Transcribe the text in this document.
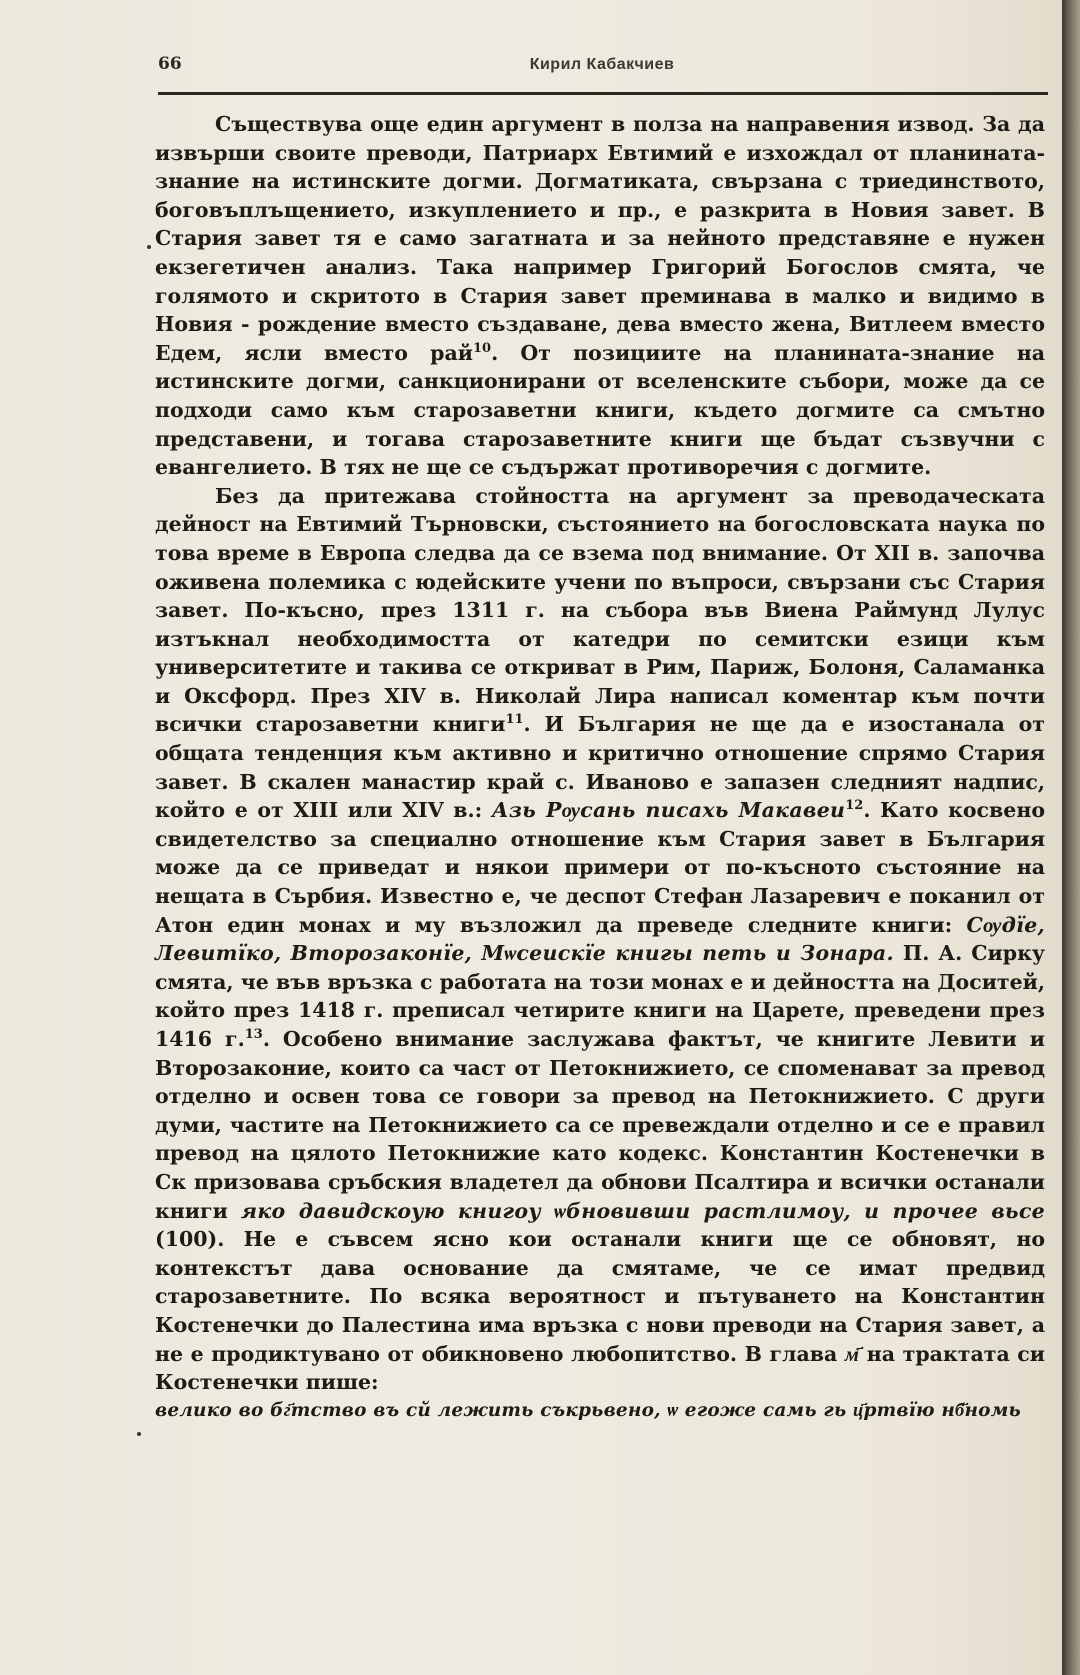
66	Кирил Кабакчиев

Съществува още един аргумент в полза на направения извод. За да извърши своите преводи, Патриарх Евтимий е изхождал от планината-знание на истинските догми. Догматиката, свързана с триединството, боговъплъщението, изкуплението и пр., е разкрита в Новия завет. В Стария завет тя е само загатната и за нейното представяне е нужен екзегетичен анализ. Така например Григорий Богослов смята, че голямото и скритото в Стария завет преминава в малко и видимо в Новия - рождение вместо създаване, дева вместо жена, Витлеем вместо Едем, ясли вместо рай$^{10}$. От позициите на планината-знание на истинските догми, санкционирани от вселенските събори, може да се подходи само към старозаветни книги, където догмите са смътно представени, и тогава старозаветните книги ще бъдат съзвучни с евангелието. В тях не ще се съдържат противоречия с догмите.

Без да притежава стойността на аргумент за преводаческата дейност на Евтимий Търновски, състоянието на богословската наука по това време в Европа следва да се взема под внимание. От XII в. започва оживена полемика с юдейските учени по въпроси, свързани със Стария завет. По-късно, през 1311 г. на събора във Виена Раймунд Лулус изтъкнал необходимостта от катедри по семитски езици към университетите и такива се откриват в Рим, Париж, Болоня, Саламанка и Оксфорд. През XIV в. Николай Лира написал коментар към почти всички старозаветни книги$^{11}$. И България не ще да е изостанала от общата тенденция към активно и критично отношение спрямо Стария завет. В скален манастир край с. Иваново е запазен следният надпис, който е от XIII или XIV в.: Азь Рѹсань писахь Макавеи$^{12}$. Като косвено свидетелство за специално отношение към Стария завет в България може да се приведат и някои примери от по-късното състояние на нещата в Сърбия. Известно е, че деспот Стефан Лазаревич е поканил от Атон един монах и му възложил да преведе следните книги: Сѹдїе, Левитїко, Второзаконїе, Мѡсеискїе книгы петь и Зонара. П. А. Сирку смята, че във връзка с работата на този монах е и дейността на Доситей, който през 1418 г. преписал четирите книги на Царете, преведени през 1416 г.$^{13}$. Особено внимание заслужава фактът, че книгите Левити и Второзаконие, които са част от Петокнижието, се споменават за превод отделно и освен това се говори за превод на Петокнижието. С други думи, частите на Петокнижието са се превеждали отделно и се е правил превод на цялото Петокнижие като кодекс. Константин Костенечки в Ск призовава сръбския владетел да обнови Псалтира и всички останали книги яко давидскоую книгоу ѡбновивши растлимоу, и прочее вьсе (100). Не е съвсем ясно кои останали книги ще се обновят, но контекстът дава основание да смятаме, че се имат предвид старозаветните. По всяка вероятност и пътуването на Константин Костенечки до Палестина има връзка с нови преводи на Стария завет, а не е продиктувано от обикновено любопитство. В глава м҃ на трактата си Костенечки пише:

велико во бг҃тство въ сй лежить съкрьвено, ѡ егоже самь гь ц҃ртвїю нб҃номь
